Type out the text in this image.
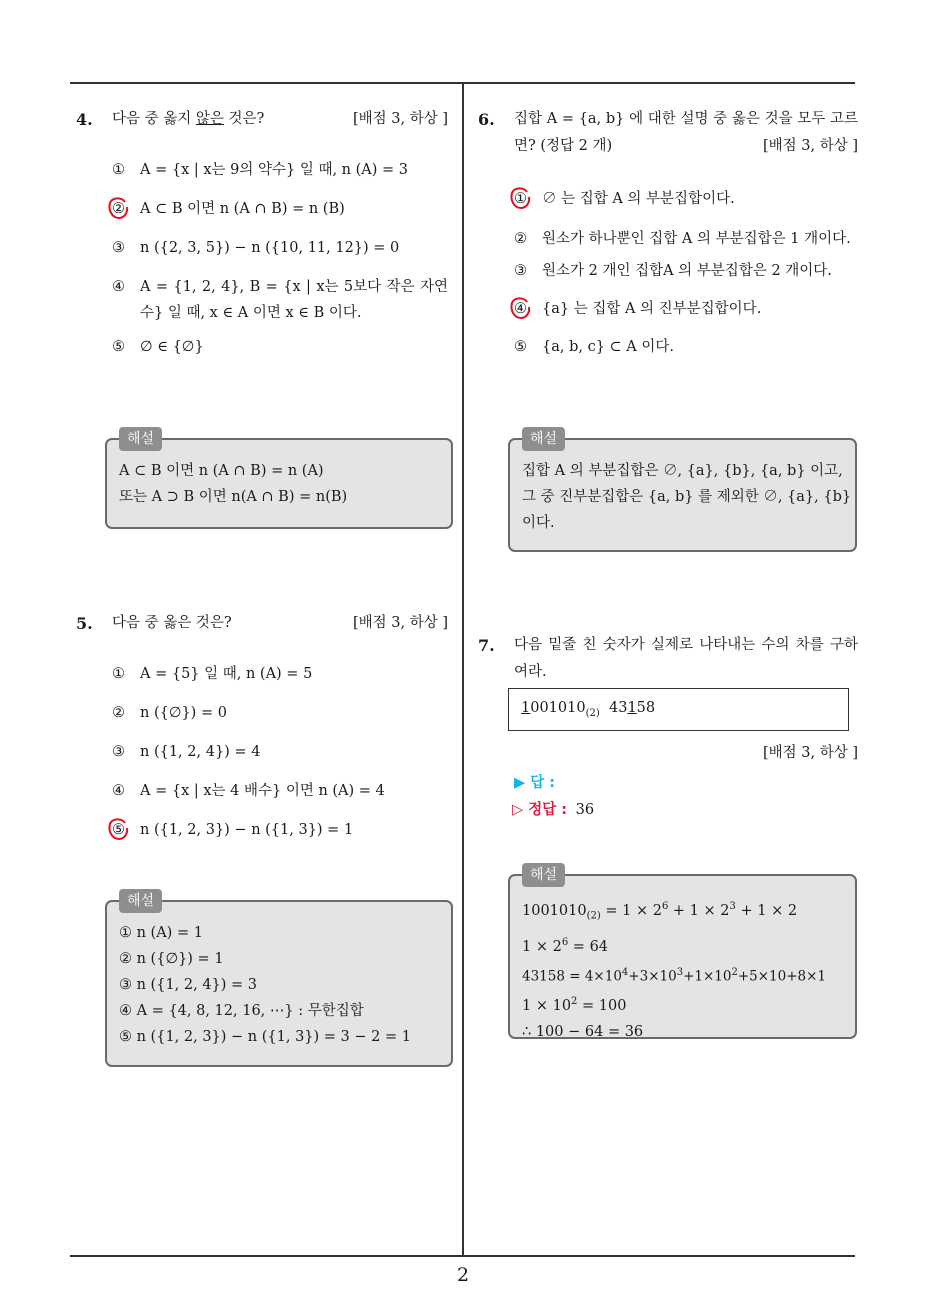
2
4. 다음 중 옳지 않은 것은?	[배점 3, 하상 ]
① A = {x | x는 9의 약수} 일 때, n (A) = 3
② A ⊂ B 이면 n (A ∩ B) = n (B)
③ n ({2, 3, 5}) − n ({10, 11, 12}) = 0
④ A = {1, 2, 4}, B = {x | x는 5보다 작은 자연수} 일 때, x ∈ A 이면 x ∈ B 이다.
⑤ ∅ ∈ {∅}
해설
A ⊂ B 이면 n (A ∩ B) = n (A)
또는 A ⊃ B 이면 n(A ∩ B) = n(B)
5. 다음 중 옳은 것은?	[배점 3, 하상 ]
① A = {5} 일 때, n (A) = 5
② n ({∅}) = 0
③ n ({1, 2, 4}) = 4
④ A = {x | x는 4 배수} 이면 n (A) = 4
⑤ n ({1, 2, 3}) − n ({1, 3}) = 1
해설
① n (A) = 1
② n ({∅}) = 1
③ n ({1, 2, 4}) = 3
④ A = {4, 8, 12, 16, ⋯} : 무한집합
⑤ n ({1, 2, 3}) − n ({1, 3}) = 3 − 2 = 1
6. 집합 A = {a, b} 에 대한 설명 중 옳은 것을 모두 고르면? (정답 2 개)	[배점 3, 하상 ]
① ∅ 는 집합 A 의 부분집합이다.
② 원소가 하나뿐인 집합 A 의 부분집합은 1 개이다.
③ 원소가 2 개인 집합A 의 부분집합은 2 개이다.
④ {a} 는 집합 A 의 진부분집합이다.
⑤ {a, b, c} ⊂ A 이다.
해설
집합 A 의 부분집합은 ∅, {a}, {b}, {a, b} 이고,
그 중 진부분집합은 {a, b} 를 제외한 ∅, {a}, {b}
이다.
7. 다음 밑줄 친 숫자가 실제로 나타내는 수의 차를 구하여라.
$1001010_{(2)}$ 43158
[배점 3, 하상 ]
▶ 답 :
▷ 정답 : 36
해설
$1001010_{(2)} = 1 \times 2^6 + 1 \times 2^3 + 1 \times 2$
$1 \times 2^6 = 64$
$43158 = 4\times 10^4+3\times 10^3+1\times 10^2+5\times 10+8\times 1$
$1 \times 10^2 = 100$
∴ 100 − 64 = 36
